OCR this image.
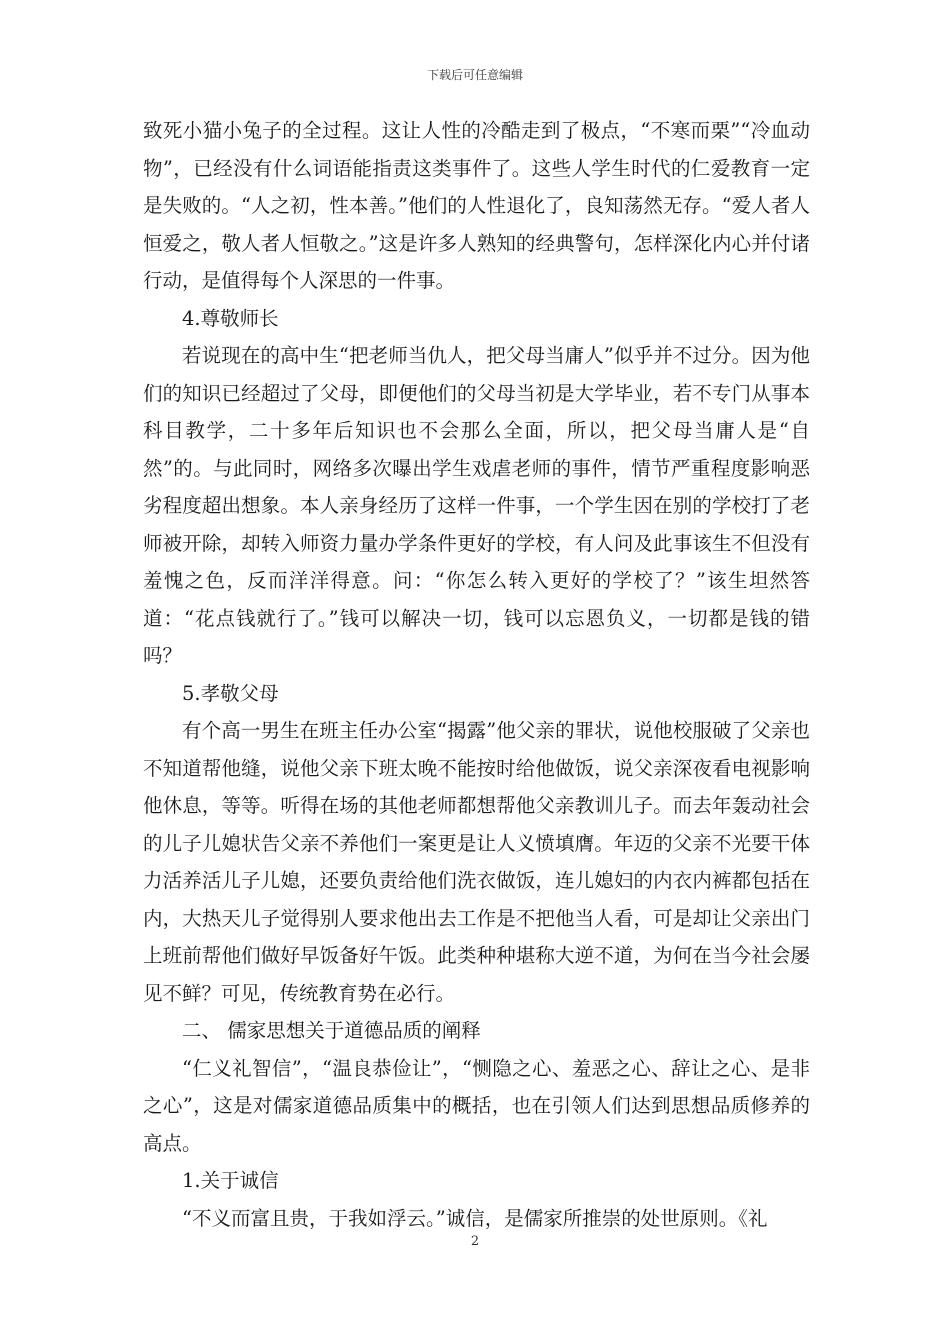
下载后可任意编辑

致死小猫小兔子的全过程。这让人性的冷酷走到了极点，“不寒而栗”“冷血动物”，已经没有什么词语能指责这类事件了。这些人学生时代的仁爱教育一定是失败的。“人之初，性本善。”他们的人性退化了，良知荡然无存。“爱人者人恒爱之，敬人者人恒敬之。”这是许多人熟知的经典警句，怎样深化内心并付诸行动，是值得每个人深思的一件事。

4.尊敬师长

若说现在的高中生“把老师当仇人，把父母当庸人”似乎并不过分。因为他们的知识已经超过了父母，即便他们的父母当初是大学毕业，若不专门从事本科目教学，二十多年后知识也不会那么全面，所以，把父母当庸人是“自然”的。与此同时，网络多次曝出学生戏虐老师的事件，情节严重程度影响恶劣程度超出想象。本人亲身经历了这样一件事，一个学生因在别的学校打了老师被开除，却转入师资力量办学条件更好的学校，有人问及此事该生不但没有羞愧之色，反而洋洋得意。问：“你怎么转入更好的学校了？”该生坦然答道：“花点钱就行了。”钱可以解决一切，钱可以忘恩负义，一切都是钱的错吗？

5.孝敬父母

有个高一男生在班主任办公室“揭露”他父亲的罪状，说他校服破了父亲也不知道帮他缝，说他父亲下班太晚不能按时给他做饭，说父亲深夜看电视影响他休息，等等。听得在场的其他老师都想帮他父亲教训儿子。而去年轰动社会的儿子儿媳状告父亲不养他们一案更是让人义愤填膺。年迈的父亲不光要干体力活养活儿子儿媳，还要负责给他们洗衣做饭，连儿媳妇的内衣内裤都包括在内，大热天儿子觉得别人要求他出去工作是不把他当人看，可是却让父亲出门上班前帮他们做好早饭备好午饭。此类种种堪称大逆不道，为何在当今社会屡见不鲜？可见，传统教育势在必行。

二、 儒家思想关于道德品质的阐释

“仁义礼智信”，“温良恭俭让”，“恻隐之心、羞恶之心、辞让之心、是非之心”，这是对儒家道德品质集中的概括，也在引领人们达到思想品质修养的高点。

1.关于诚信

“不义而富且贵，于我如浮云。”诚信，是儒家所推崇的处世原则。《礼

2
